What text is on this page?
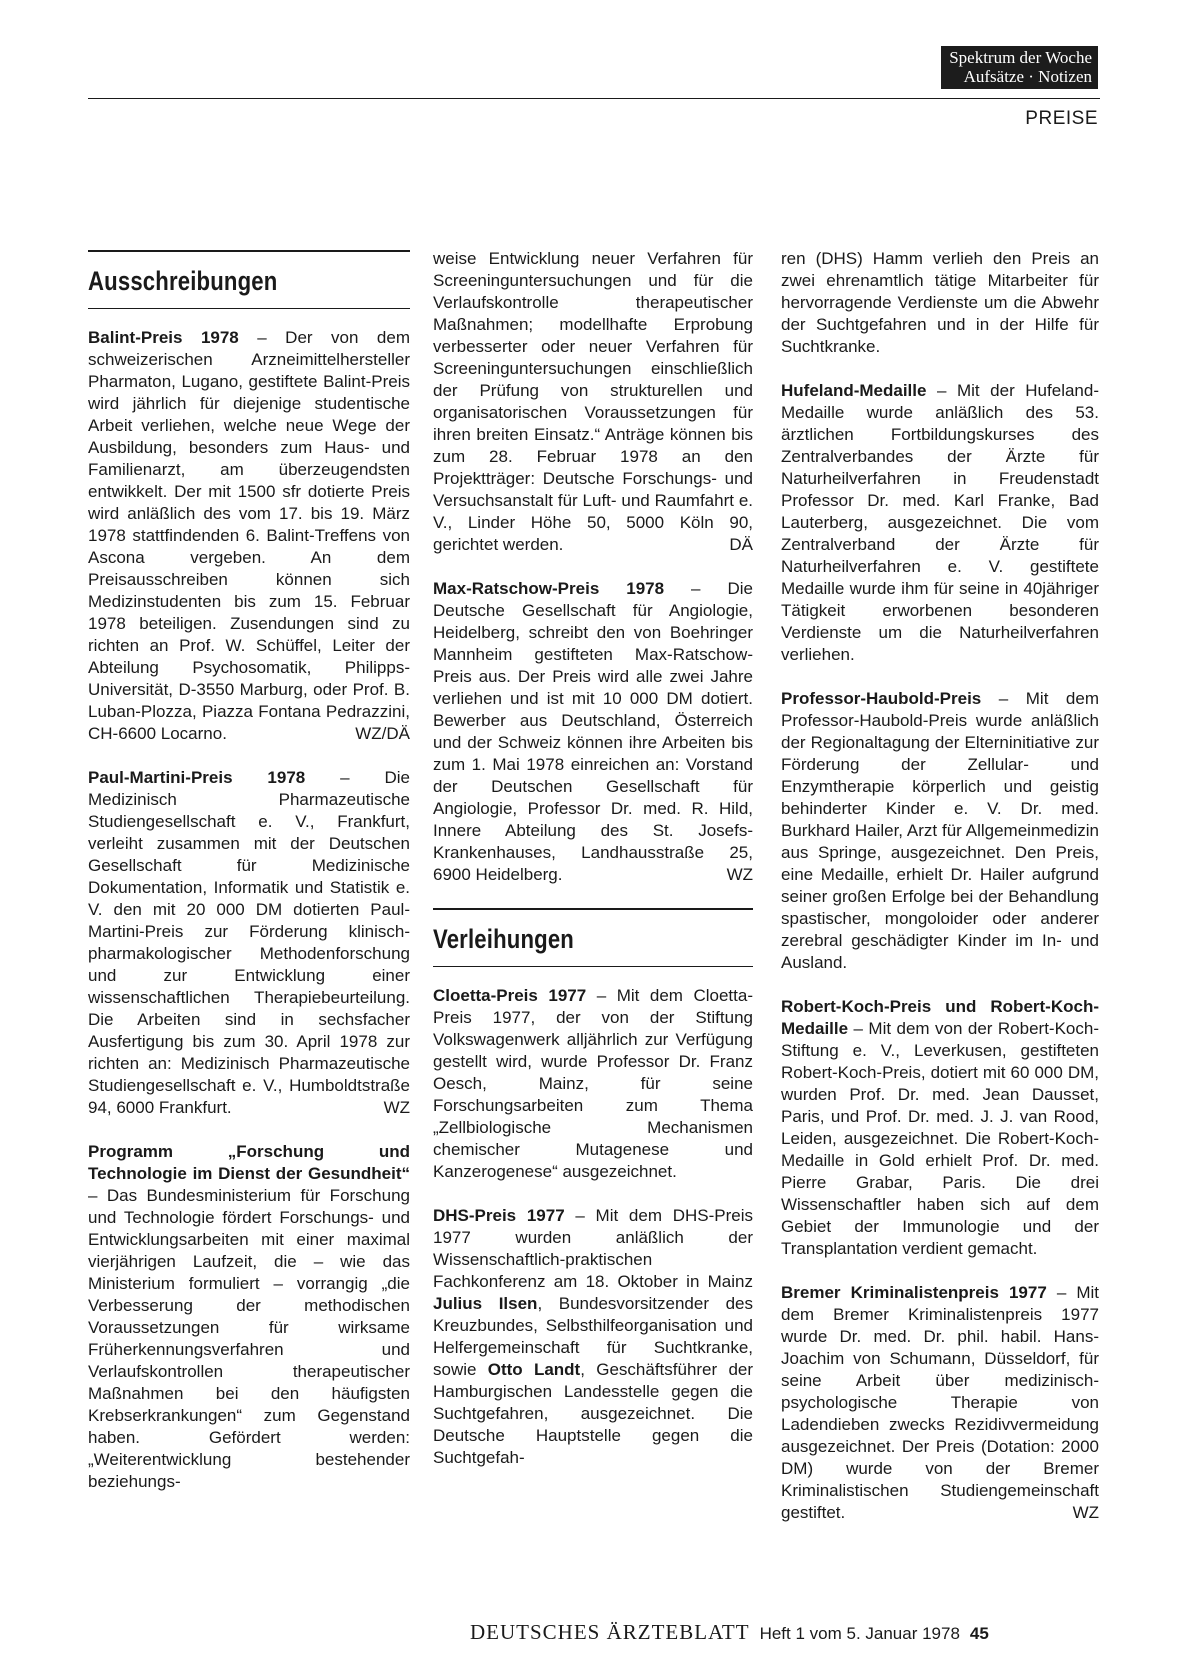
Spektrum der Woche
Aufsätze · Notizen
PREISE
Ausschreibungen

Balint-Preis 1978 – Der von dem schweizerischen Arzneimittelhersteller Pharmaton, Lugano, gestiftete Balint-Preis wird jährlich für diejenige studentische Arbeit verliehen, welche neue Wege der Ausbildung, besonders zum Haus- und Familienarzt, am überzeugendsten entwikkelt. Der mit 1500 sfr dotierte Preis wird anläßlich des vom 17. bis 19. März 1978 stattfindenden 6. Balint-Treffens von Ascona vergeben. An dem Preisausschreiben können sich Medizinstudenten bis zum 15. Februar 1978 beteiligen. Zusendungen sind zu richten an Prof. W. Schüffel, Leiter der Abteilung Psychosomatik, Philipps-Universität, D-3550 Marburg, oder Prof. B. Luban-Plozza, Piazza Fontana Pedrazzini, CH-6600 Locarno.	WZ/DÄ

Paul-Martini-Preis 1978 – Die Medizinisch Pharmazeutische Studiengesellschaft e. V., Frankfurt, verleiht zusammen mit der Deutschen Gesellschaft für Medizinische Dokumentation, Informatik und Statistik e. V. den mit 20 000 DM dotierten Paul-Martini-Preis zur Förderung klinisch-pharmakologischer Methodenforschung und zur Entwicklung einer wissenschaftlichen Therapiebeurteilung. Die Arbeiten sind in sechsfacher Ausfertigung bis zum 30. April 1978 zur richten an: Medizinisch Pharmazeutische Studiengesellschaft e. V., Humboldtstraße 94, 6000 Frankfurt.	WZ

Programm „Forschung und Technologie im Dienst der Gesundheit“ – Das Bundesministerium für Forschung und Technologie fördert Forschungs- und Entwicklungsarbeiten mit einer maximal vierjährigen Laufzeit, die – wie das Ministerium formuliert – vorrangig „die Verbesserung der methodischen Voraussetzungen für wirksame Früherkennungsverfahren und Verlaufskontrollen therapeutischer Maßnahmen bei den häufigsten Krebserkrankungen“ zum Gegenstand haben. Gefördert werden: „Weiterentwicklung bestehender beziehungs-

weise Entwicklung neuer Verfahren für Screeninguntersuchungen und für die Verlaufskontrolle therapeutischer Maßnahmen; modellhafte Erprobung verbesserter oder neuer Verfahren für Screeninguntersuchungen einschließlich der Prüfung von strukturellen und organisatorischen Voraussetzungen für ihren breiten Einsatz.“ Anträge können bis zum 28. Februar 1978 an den Projektträger: Deutsche Forschungs- und Versuchsanstalt für Luft- und Raumfahrt e. V., Linder Höhe 50, 5000 Köln 90, gerichtet werden.	DÄ

Max-Ratschow-Preis 1978 – Die Deutsche Gesellschaft für Angiologie, Heidelberg, schreibt den von Boehringer Mannheim gestifteten Max-Ratschow-Preis aus. Der Preis wird alle zwei Jahre verliehen und ist mit 10 000 DM dotiert. Bewerber aus Deutschland, Österreich und der Schweiz können ihre Arbeiten bis zum 1. Mai 1978 einreichen an: Vorstand der Deutschen Gesellschaft für Angiologie, Professor Dr. med. R. Hild, Innere Abteilung des St. Josefs-Krankenhauses, Landhausstraße 25, 6900 Heidelberg.	WZ

Verleihungen

Cloetta-Preis 1977 – Mit dem Cloetta-Preis 1977, der von der Stiftung Volkswagenwerk alljährlich zur Verfügung gestellt wird, wurde Professor Dr. Franz Oesch, Mainz, für seine Forschungsarbeiten zum Thema „Zellbiologische Mechanismen chemischer Mutagenese und Kanzerogenese“ ausgezeichnet.

DHS-Preis 1977 – Mit dem DHS-Preis 1977 wurden anläßlich der Wissenschaftlich-praktischen Fachkonferenz am 18. Oktober in Mainz Julius Ilsen, Bundesvorsitzender des Kreuzbundes, Selbsthilfeorganisation und Helfergemeinschaft für Suchtkranke, sowie Otto Landt, Geschäftsführer der Hamburgischen Landesstelle gegen die Suchtgefahren, ausgezeichnet. Die Deutsche Hauptstelle gegen die Suchtgefah-

ren (DHS) Hamm verlieh den Preis an zwei ehrenamtlich tätige Mitarbeiter für hervorragende Verdienste um die Abwehr der Suchtgefahren und in der Hilfe für Suchtkranke.

Hufeland-Medaille – Mit der Hufeland-Medaille wurde anläßlich des 53. ärztlichen Fortbildungskurses des Zentralverbandes der Ärzte für Naturheilverfahren in Freudenstadt Professor Dr. med. Karl Franke, Bad Lauterberg, ausgezeichnet. Die vom Zentralverband der Ärzte für Naturheilverfahren e. V. gestiftete Medaille wurde ihm für seine in 40jähriger Tätigkeit erworbenen besonderen Verdienste um die Naturheilverfahren verliehen.

Professor-Haubold-Preis – Mit dem Professor-Haubold-Preis wurde anläßlich der Regionaltagung der Elterninitiative zur Förderung der Zellular- und Enzymtherapie körperlich und geistig behinderter Kinder e. V. Dr. med. Burkhard Hailer, Arzt für Allgemeinmedizin aus Springe, ausgezeichnet. Den Preis, eine Medaille, erhielt Dr. Hailer aufgrund seiner großen Erfolge bei der Behandlung spastischer, mongoloider oder anderer zerebral geschädigter Kinder im In- und Ausland.

Robert-Koch-Preis und Robert-Koch-Medaille – Mit dem von der Robert-Koch-Stiftung e. V., Leverkusen, gestifteten Robert-Koch-Preis, dotiert mit 60 000 DM, wurden Prof. Dr. med. Jean Dausset, Paris, und Prof. Dr. med. J. J. van Rood, Leiden, ausgezeichnet. Die Robert-Koch-Medaille in Gold erhielt Prof. Dr. med. Pierre Grabar, Paris. Die drei Wissenschaftler haben sich auf dem Gebiet der Immunologie und der Transplantation verdient gemacht.

Bremer Kriminalistenpreis 1977 – Mit dem Bremer Kriminalistenpreis 1977 wurde Dr. med. Dr. phil. habil. Hans-Joachim von Schumann, Düsseldorf, für seine Arbeit über medizinisch-psychologische Therapie von Ladendieben zwecks Rezidivvermeidung ausgezeichnet. Der Preis (Dotation: 2000 DM) wurde von der Bremer Kriminalistischen Studiengemeinschaft gestiftet.	WZ

DEUTSCHES ÄRZTEBLATT Heft 1 vom 5. Januar 1978 45
